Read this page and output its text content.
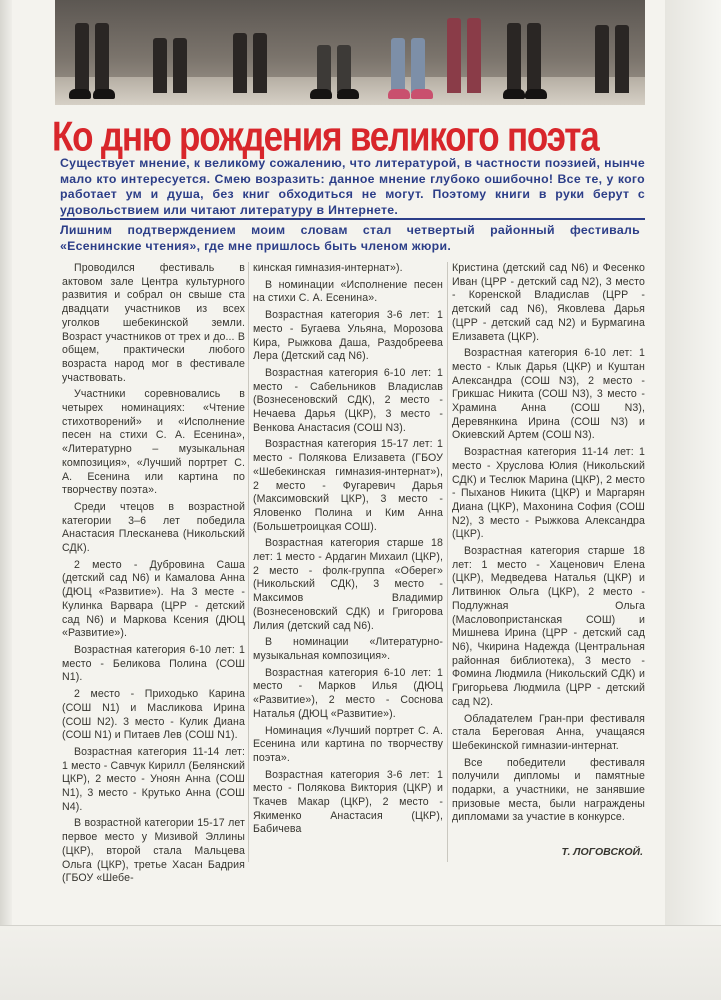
Ко дню рождения великого поэта
Существует мнение, к великому сожалению, что литературой, в частности поэзией, нынче мало кто интересуется. Смею возразить: данное мнение глубоко ошибочно! Все те, у кого работает ум и душа, без книг обходиться не могут. Поэтому книги в руки берут с удовольствием или читают литературу в Интернете.
Лишним подтверждением моим словам стал четвертый районный фестиваль «Есенинские чтения», где мне пришлось быть членом жюри.

Проводился фестиваль в актовом зале Центра культурного развития и собрал он свыше ста двадцати участников из всех уголков шебекинской земли. Возраст участников от трех и до... В общем, практически любого возраста народ мог в фестивале участвовать.

Участники соревновались в четырех номинациях: «Чтение стихотворений» и «Исполнение песен на стихи С. А. Есенина», «Литературно – музыкальная композиция», «Лучший портрет С. А. Есенина или картина по творчеству поэта».

Среди чтецов в возрастной категории 3–6 лет победила Анастасия Плесканева (Никольский СДК).

2 место - Дубровина Саша (детский сад N6) и Камалова Анна (ДЮЦ «Развитие»). На 3 месте - Кулинка Варвара (ЦРР - детский сад N6) и Маркова Ксения (ДЮЦ «Развитие»).

Возрастная категория 6-10 лет: 1 место - Беликова Полина (СОШ N1).

2 место - Приходько Карина (СОШ N1) и Масликова Ирина (СОШ N2). 3 место - Кулик Диана (СОШ N1) и Питаев Лев (СОШ N1).

Возрастная категория 11-14 лет: 1 место - Савчук Кирилл (Белянский ЦКР), 2 место - Уноян Анна (СОШ N1), 3 место - Крутько Анна (СОШ N4).

В возрастной категории 15-17 лет первое место у Мизивой Эллины (ЦКР), второй стала Мальцева Ольга (ЦКР), третье Хасан Бадрия (ГБОУ «Шебе-

кинская гимназия-интернат»).

В номинации «Исполнение песен на стихи С. А. Есенина».

Возрастная категория 3-6 лет: 1 место - Бугаева Ульяна, Морозова Кира, Рыжкова Даша, Раздобреева Лера (Детский сад N6).

Возрастная категория 6-10 лет: 1 место - Сабельников Владислав (Вознесеновский СДК), 2 место - Нечаева Дарья (ЦКР), 3 место - Венкова Анастасия (СОШ N3).

Возрастная категория 15-17 лет: 1 место - Полякова Елизавета (ГБОУ «Шебекинская гимназия-интернат»), 2 место - Фугаревич Дарья (Максимовский ЦКР), 3 место - Яловенко Полина и Ким Анна (Большетроицкая СОШ).

Возрастная категория старше 18 лет: 1 место - Ардагин Михаил (ЦКР), 2 место - фолк-группа «Оберег» (Никольский СДК), 3 место - Максимов Владимир (Вознесеновский СДК) и Григорова Лилия (детский сад N6).

В номинации «Литературно-музыкальная композиция».

Возрастная категория 6-10 лет: 1 место - Марков Илья (ДЮЦ «Развитие»), 2 место - Соснова Наталья (ДЮЦ «Развитие»).

Номинация «Лучший портрет С. А. Есенина или картина по творчеству поэта».

Возрастная категория 3-6 лет: 1 место - Полякова Виктория (ЦКР) и Ткачев Макар (ЦКР), 2 место - Якименко Анастасия (ЦКР), Бабичева

Кристина (детский сад N6) и Фесенко Иван (ЦРР - детский сад N2), 3 место - Коренской Владислав (ЦРР - детский сад N6), Яковлева Дарья (ЦРР - детский сад N2) и Бурмагина Елизавета (ЦКР).

Возрастная категория 6-10 лет: 1 место - Клык Дарья (ЦКР) и Куштан Александра (СОШ N3), 2 место - Грикшас Никита (СОШ N3), 3 место - Храмина Анна (СОШ N3), Деревянкина Ирина (СОШ N3) и Окиевский Артем (СОШ N3).

Возрастная категория 11-14 лет: 1 место - Хруслова Юлия (Никольский СДК) и Теслюк Марина (ЦКР), 2 место - Пыханов Никита (ЦКР) и Маргарян Диана (ЦКР), Махонина София (СОШ N2), 3 место - Рыжкова Александра (ЦКР).

Возрастная категория старше 18 лет: 1 место - Хаценович Елена (ЦКР), Медведева Наталья (ЦКР) и Литвинюк Ольга (ЦКР), 2 место - Подлужная Ольга (Масловопристанская СОШ) и Мишнева Ирина (ЦРР - детский сад N6), Чкирина Надежда (Центральная районная библиотека), 3 место - Фомина Людмила (Никольский СДК) и Григорьева Людмила (ЦРР - детский сад N2).

Обладателем Гран-при фестиваля стала Береговая Анна, учащаяся Шебекинской гимназии-интернат.

Все победители фестиваля получили дипломы и памятные подарки, а участники, не занявшие призовые места, были награждены дипломами за участие в конкурсе.

Т. ЛОГОВСКОЙ.
